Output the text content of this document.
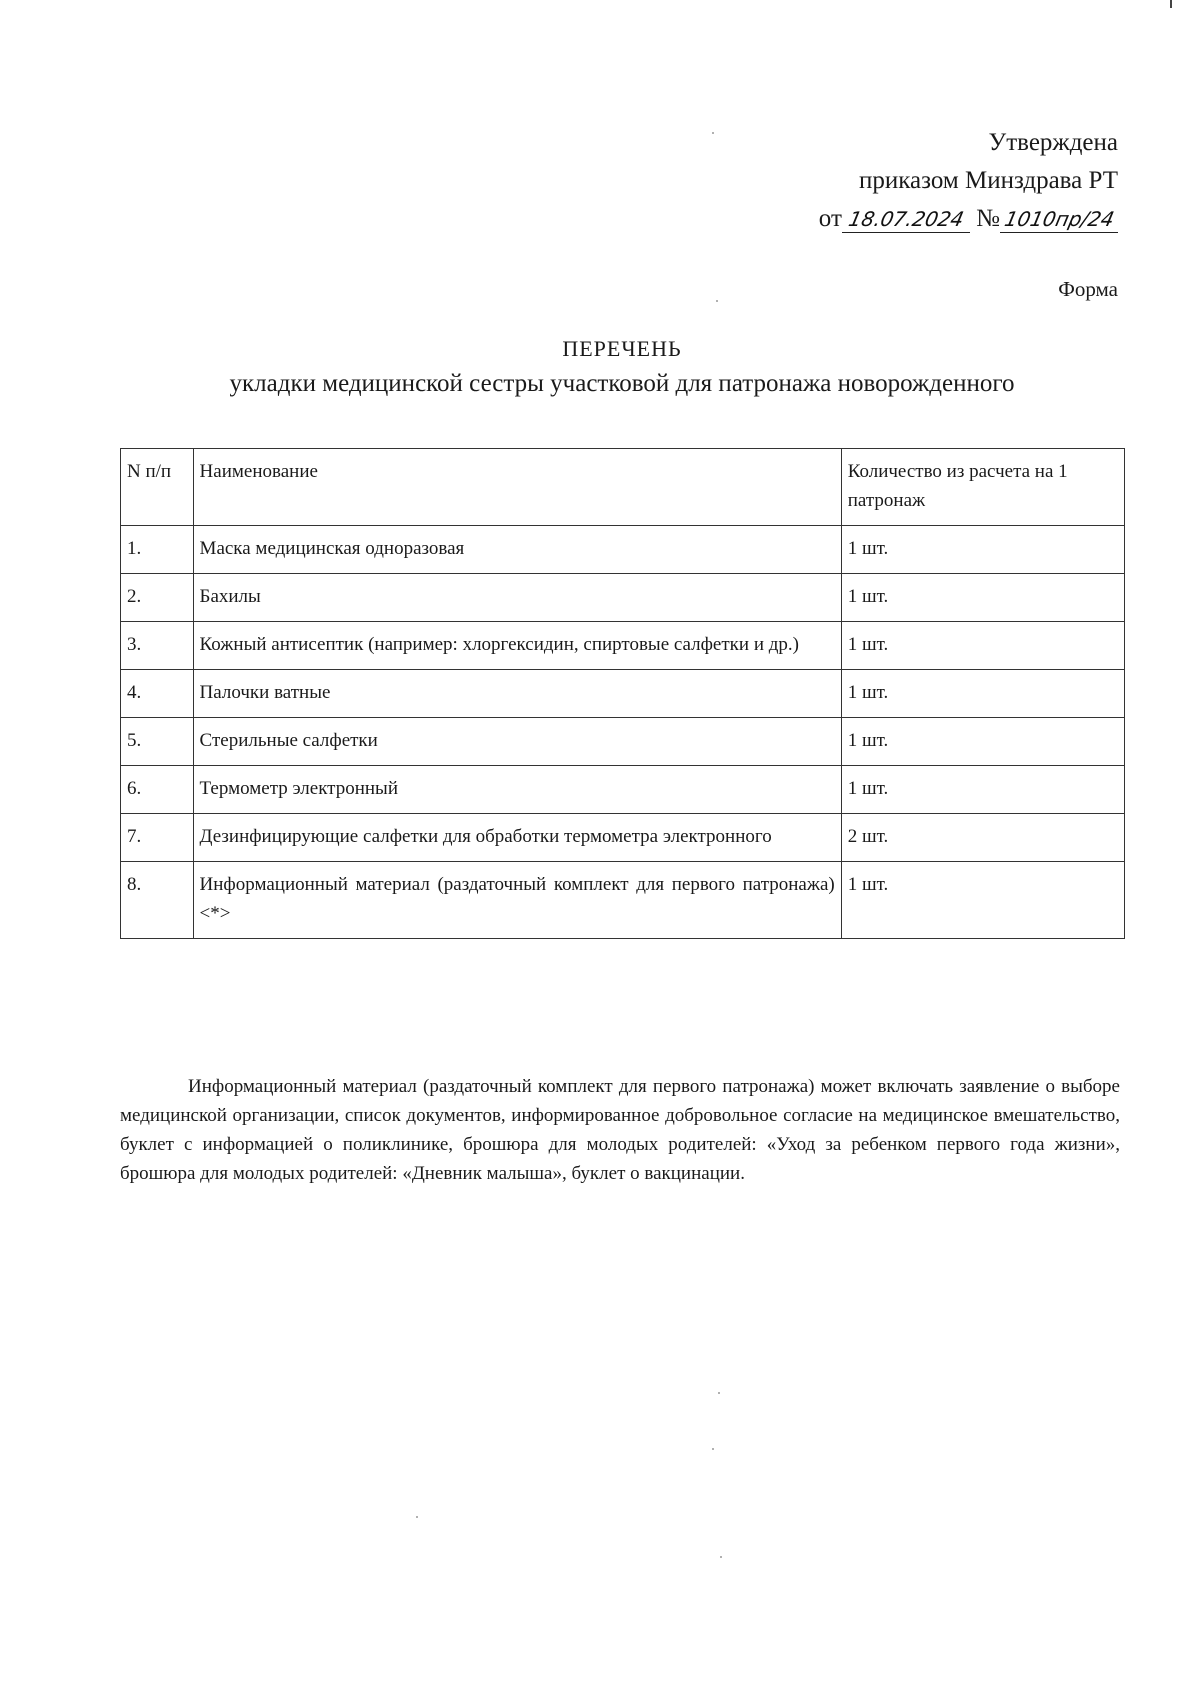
Утверждена
приказом Минздрава РТ
от 18.07.2024 № 1010пр/24
Форма
ПЕРЕЧЕНЬ
укладки медицинской сестры участковой для патронажа новорожденного
N п/п	Наименование	Количество из расчета на 1 патронаж
1.	Маска медицинская одноразовая	1 шт.
2.	Бахилы	1 шт.
3.	Кожный антисептик (например: хлоргексидин, спиртовые салфетки и др.)	1 шт.
4.	Палочки ватные	1 шт.
5.	Стерильные салфетки	1 шт.
6.	Термометр электронный	1 шт.
7.	Дезинфицирующие салфетки для обработки термометра электронного	2 шт.
8.	Информационный материал (раздаточный комплект для первого патронажа) <*>	1 шт.

Информационный материал (раздаточный комплект для первого патронажа) может включать заявление о выборе медицинской организации, список документов, информированное добровольное согласие на медицинское вмешательство, буклет с информацией о поликлинике, брошюра для молодых родителей: «Уход за ребенком первого года жизни», брошюра для молодых родителей: «Дневник малыша», буклет о вакцинации.
